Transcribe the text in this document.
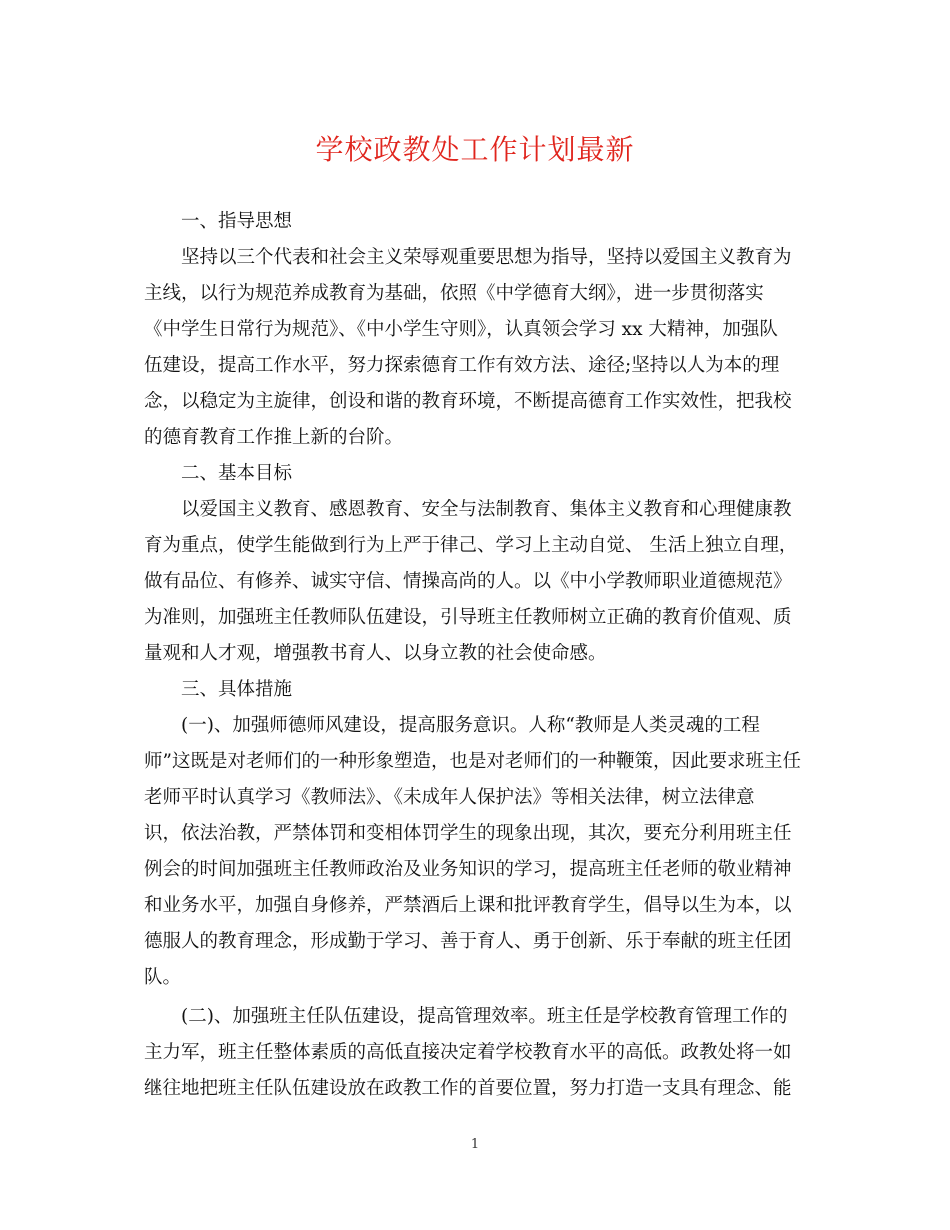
学校政教处工作计划最新
一、指导思想
坚持以三个代表和社会主义荣辱观重要思想为指导，坚持以爱国主义教育为
主线，以行为规范养成教育为基础，依照《中学德育大纲》，进一步贯彻落实
《中学生日常行为规范》、《中小学生守则》，认真领会学习 xx 大精神，加强队
伍建设，提高工作水平，努力探索德育工作有效方法、途径;坚持以人为本的理
念，以稳定为主旋律，创设和谐的教育环境，不断提高德育工作实效性，把我校
的德育教育工作推上新的台阶。
二、基本目标
以爱国主义教育、感恩教育、安全与法制教育、集体主义教育和心理健康教
育为重点，使学生能做到行为上严于律己、学习上主动自觉、 生活上独立自理，
做有品位、有修养、诚实守信、情操高尚的人。以《中小学教师职业道德规范》
为准则，加强班主任教师队伍建设，引导班主任教师树立正确的教育价值观、质
量观和人才观，增强教书育人、以身立教的社会使命感。
三、具体措施
(一)、加强师德师风建设，提高服务意识。人称“教师是人类灵魂的工程
师”这既是对老师们的一种形象塑造，也是对老师们的一种鞭策，因此要求班主任
老师平时认真学习《教师法》、《未成年人保护法》等相关法律，树立法律意
识，依法治教，严禁体罚和变相体罚学生的现象出现，其次，要充分利用班主任
例会的时间加强班主任教师政治及业务知识的学习，提高班主任老师的敬业精神
和业务水平，加强自身修养，严禁酒后上课和批评教育学生，倡导以生为本，以
德服人的教育理念，形成勤于学习、善于育人、勇于创新、乐于奉献的班主任团
队。
(二)、加强班主任队伍建设，提高管理效率。班主任是学校教育管理工作的
主力军，班主任整体素质的高低直接决定着学校教育水平的高低。政教处将一如
继往地把班主任队伍建设放在政教工作的首要位置，努力打造一支具有理念、能
1
